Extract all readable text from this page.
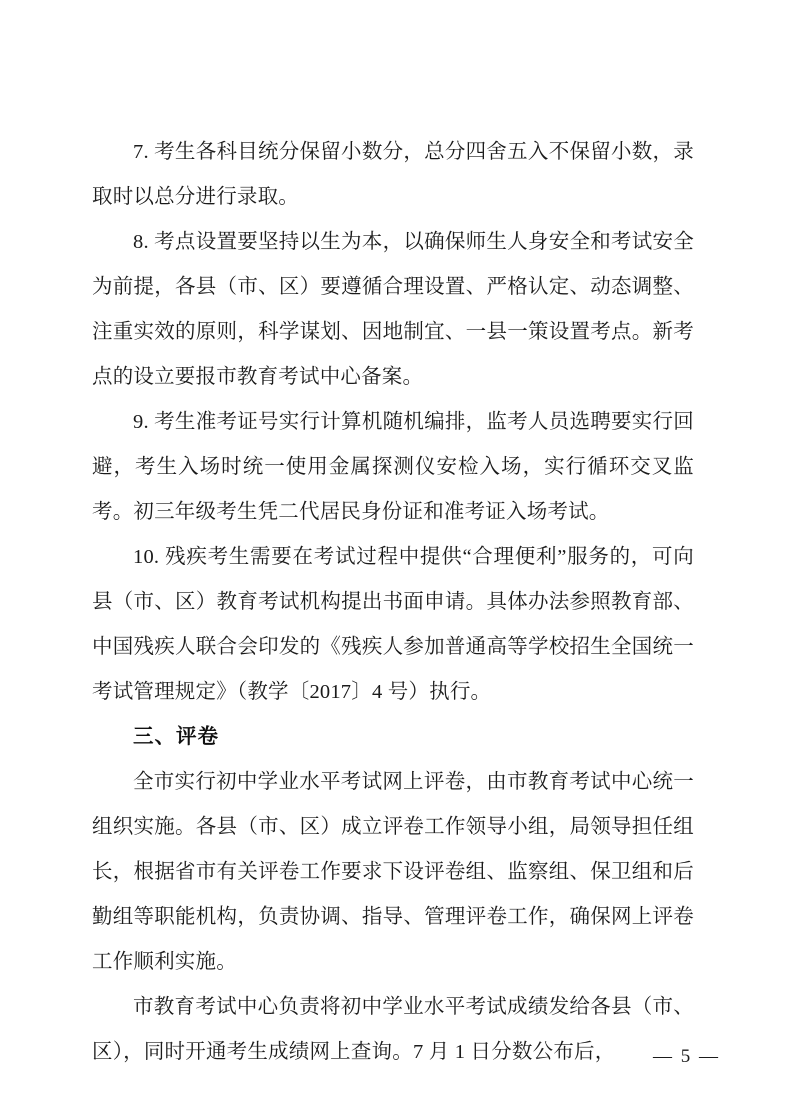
7. 考生各科目统分保留小数分，总分四舍五入不保留小数，录取时以总分进行录取。

8. 考点设置要坚持以生为本，以确保师生人身安全和考试安全为前提，各县（市、区）要遵循合理设置、严格认定、动态调整、注重实效的原则，科学谋划、因地制宜、一县一策设置考点。新考点的设立要报市教育考试中心备案。

9. 考生准考证号实行计算机随机编排，监考人员选聘要实行回避，考生入场时统一使用金属探测仪安检入场，实行循环交叉监考。初三年级考生凭二代居民身份证和准考证入场考试。

10. 残疾考生需要在考试过程中提供“合理便利”服务的，可向县（市、区）教育考试机构提出书面申请。具体办法参照教育部、中国残疾人联合会印发的《残疾人参加普通高等学校招生全国统一考试管理规定》（教学〔2017〕4 号）执行。

三、评卷

全市实行初中学业水平考试网上评卷，由市教育考试中心统一组织实施。各县（市、区）成立评卷工作领导小组，局领导担任组长，根据省市有关评卷工作要求下设评卷组、监察组、保卫组和后勤组等职能机构，负责协调、指导、管理评卷工作，确保网上评卷工作顺利实施。

市教育考试中心负责将初中学业水平考试成绩发给各县（市、区），同时开通考生成绩网上查询。7 月 1 日分数公布后，	— 5 —
